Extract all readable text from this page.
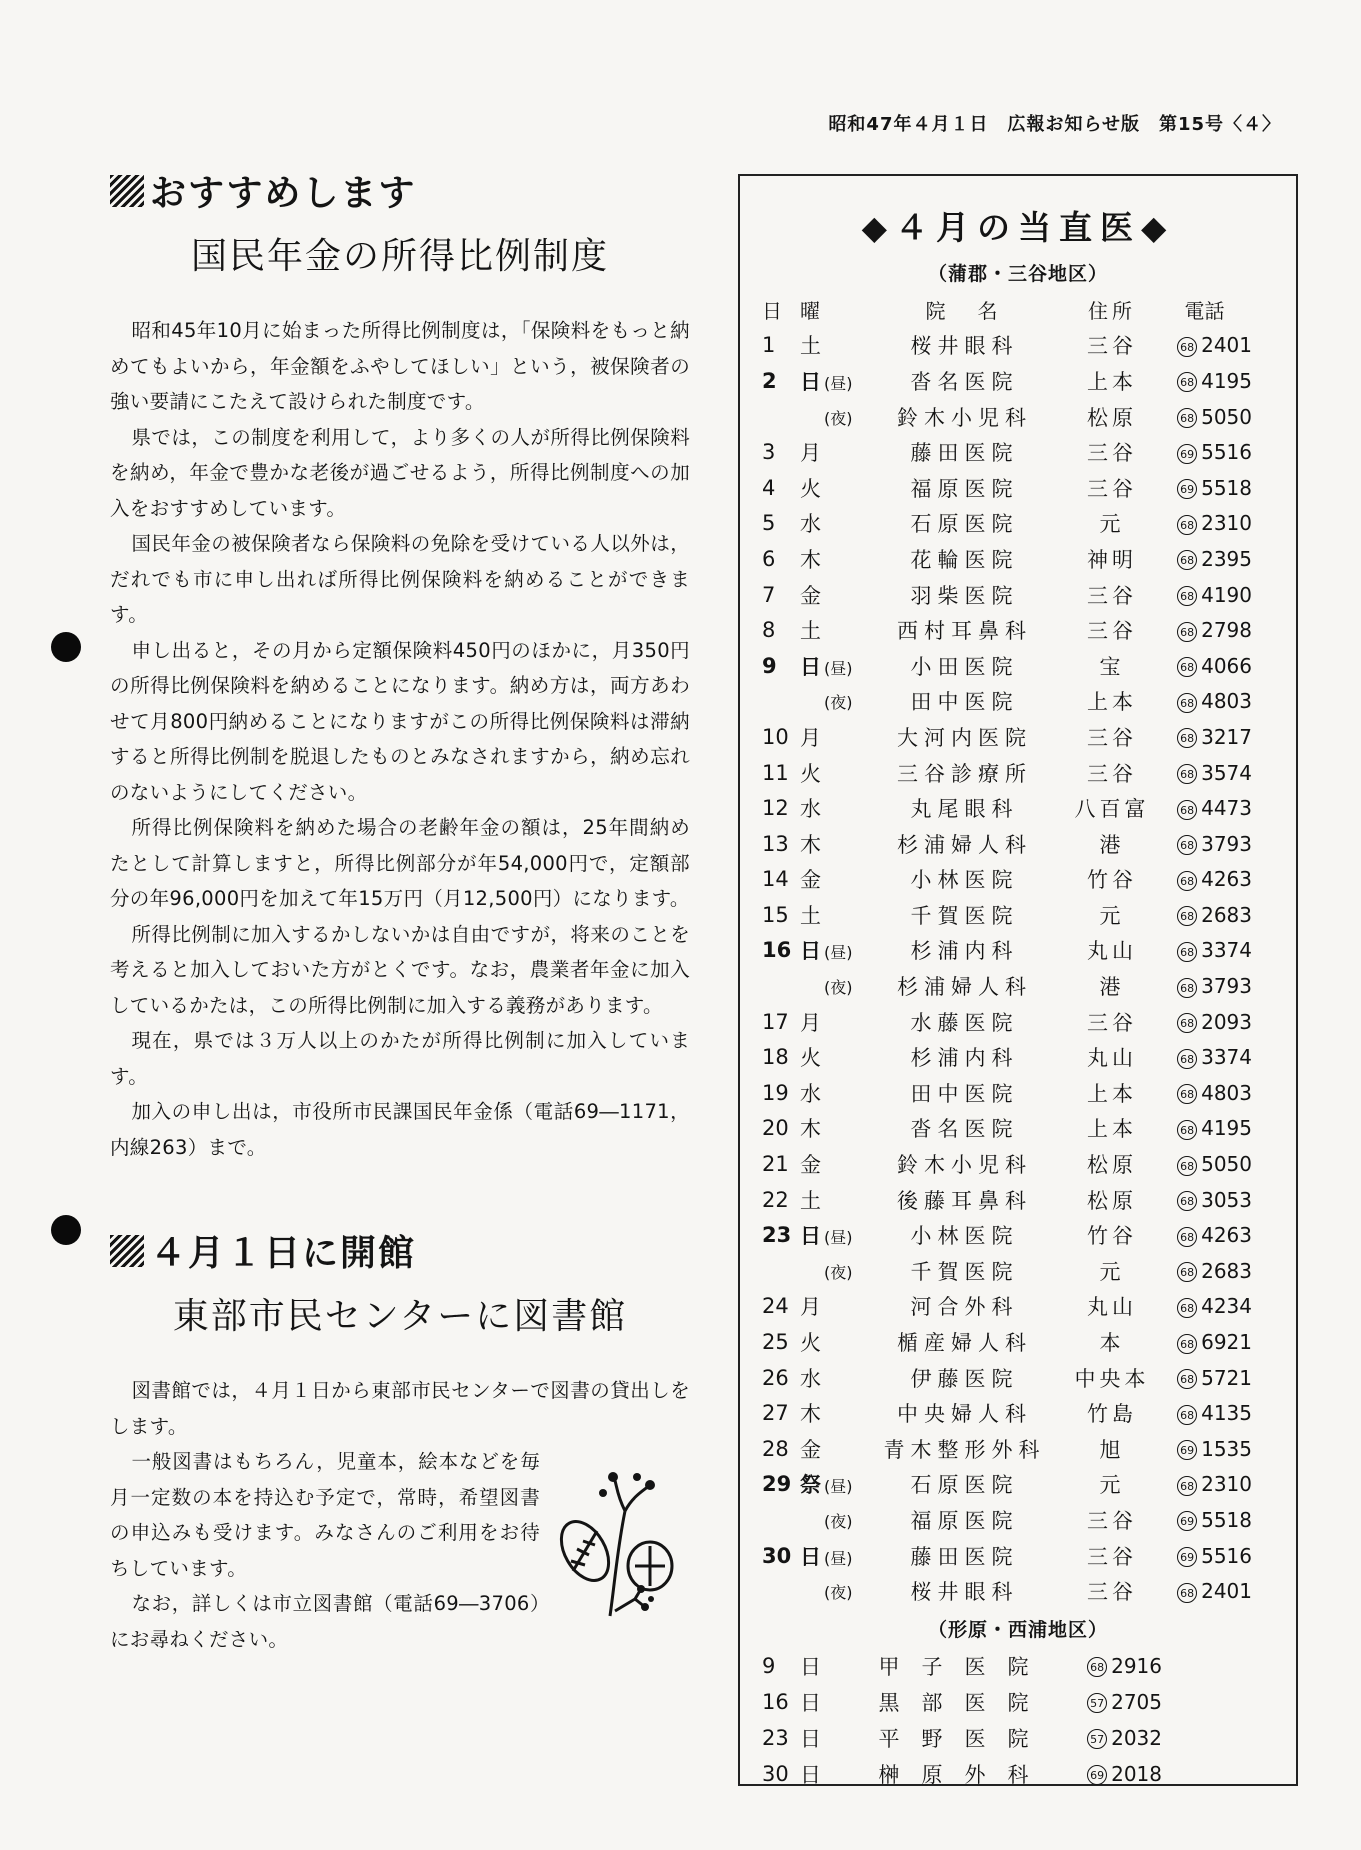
昭和47年４月１日　広報お知らせ版　第15号〈４〉
おすすめします
国民年金の所得比例制度

昭和45年10月に始まった所得比例制度は，「保険料をもっと納めてもよいから，年金額をふやしてほしい」という，被保険者の強い要請にこたえて設けられた制度です。

県では，この制度を利用して，より多くの人が所得比例保険料を納め，年金で豊かな老後が過ごせるよう，所得比例制度への加入をおすすめしています。

国民年金の被保険者なら保険料の免除を受けている人以外は，だれでも市に申し出れば所得比例保険料を納めることができます。

申し出ると，その月から定額保険料450円のほかに，月350円の所得比例保険料を納めることになります。納め方は，両方あわせて月800円納めることになりますがこの所得比例保険料は滞納すると所得比例制を脱退したものとみなされますから，納め忘れのないようにしてください。

所得比例保険料を納めた場合の老齢年金の額は，25年間納めたとして計算しますと，所得比例部分が年54,000円で，定額部分の年96,000円を加えて年15万円（月12,500円）になります。

所得比例制に加入するかしないかは自由ですが，将来のことを考えると加入しておいた方がとくです。なお，農業者年金に加入しているかたは，この所得比例制に加入する義務があります。

現在，県では３万人以上のかたが所得比例制に加入しています。

加入の申し出は，市役所市民課国民年金係（電話69―1171，内線263）まで。

４月１日に開館
東部市民センターに図書館

図書館では，４月１日から東部市民センターで図書の貸出しをします。

一般図書はもちろん，児童本，絵本などを毎月一定数の本を持込む予定で，常時，希望図書の申込みも受けます。みなさんのご利用をお待ちしています。

なお，詳しくは市立図書館（電話69―3706）にお尋ねください。

◆４月の当直医◆
（蒲郡・三谷地区）
日	曜	院　名	住所	電話
1	土	桜井眼科	三谷	68 2401
2	日 (昼)	沓名医院	上本	68 4195
	(夜)	鈴木小児科	松原	68 5050
3	月	藤田医院	三谷	69 5516
4	火	福原医院	三谷	69 5518
5	水	石原医院	元	68 2310
6	木	花輪医院	神明	68 2395
7	金	羽柴医院	三谷	68 4190
8	土	西村耳鼻科	三谷	68 2798
9	日 (昼)	小田医院	宝	68 4066
	(夜)	田中医院	上本	68 4803
10	月	大河内医院	三谷	68 3217
11	火	三谷診療所	三谷	68 3574
12	水	丸尾眼科	八百富	68 4473
13	木	杉浦婦人科	港	68 3793
14	金	小林医院	竹谷	68 4263
15	土	千賀医院	元	68 2683
16	日 (昼)	杉浦内科	丸山	68 3374
	(夜)	杉浦婦人科	港	68 3793
17	月	水藤医院	三谷	68 2093
18	火	杉浦内科	丸山	68 3374
19	水	田中医院	上本	68 4803
20	木	沓名医院	上本	68 4195
21	金	鈴木小児科	松原	68 5050
22	土	後藤耳鼻科	松原	68 3053
23	日 (昼)	小林医院	竹谷	68 4263
	(夜)	千賀医院	元	68 2683
24	月	河合外科	丸山	68 4234
25	火	楯産婦人科	本	68 6921
26	水	伊藤医院	中央本	68 5721
27	木	中央婦人科	竹島	68 4135
28	金	青木整形外科	旭	69 1535
29	祭 (昼)	石原医院	元	68 2310
	(夜)	福原医院	三谷	69 5518
30	日 (昼)	藤田医院	三谷	69 5516
	(夜)	桜井眼科	三谷	68 2401
（形原・西浦地区）
9	日	甲子医院	68 2916
16	日	黒部医院	57 2705
23	日	平野医院	57 2032
30	日	榊原外科	69 2018
